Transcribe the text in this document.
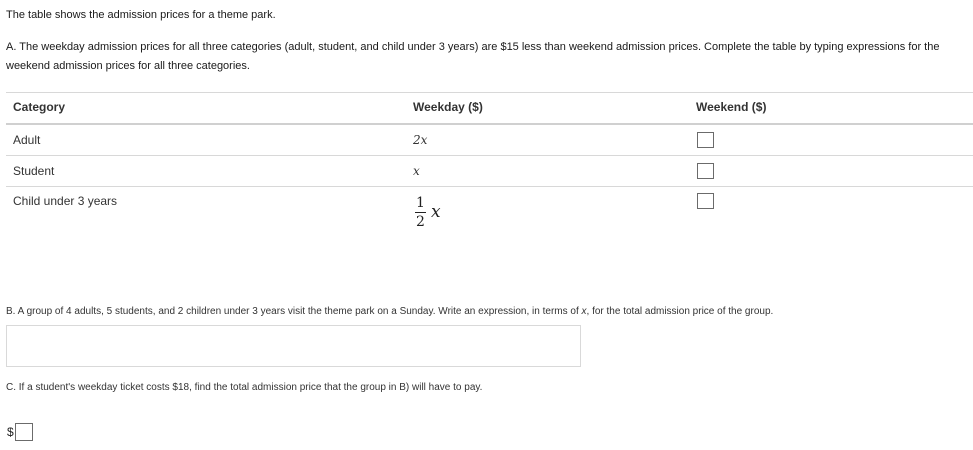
The table shows the admission prices for a theme park.
A. The weekday admission prices for all three categories (adult, student, and child under 3 years) are $15 less than weekend admission prices. Complete the table by typing expressions for the weekend admission prices for all three categories.
Category	Weekday ($)	Weekend ($)
Adult	2x
Student	x
Child under 3 years	$\frac{1}{2}$ x
B. A group of 4 adults, 5 students, and 2 children under 3 years visit the theme park on a Sunday. Write an expression, in terms of x, for the total admission price of the group.
C. If a student's weekday ticket costs $18, find the total admission price that the group in B) will have to pay.
$
